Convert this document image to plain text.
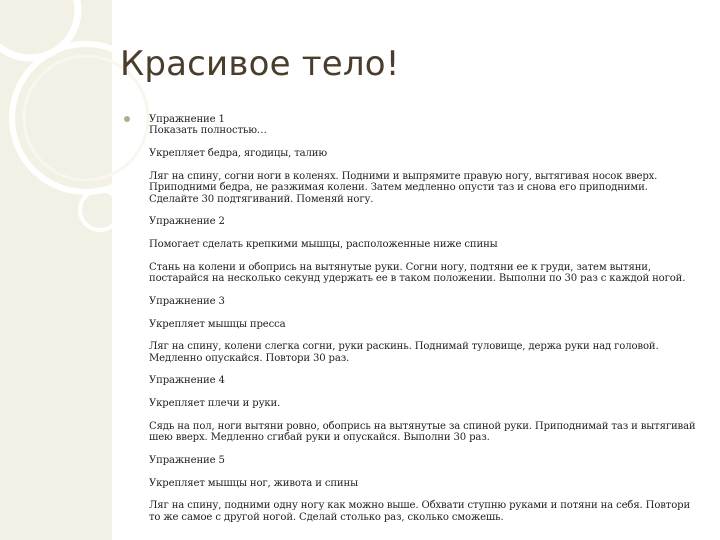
Красивое тело!

Упражнение 1

Показать полностью…

Укрепляет бедра, ягодицы, талию

Ляг на спину, согни ноги в коленях. Подними и выпрямите правую ногу, вытягивая носок вверх. Приподними бедра, не разжимая колени. Затем медленно опусти таз и снова его приподними. Сделайте 30 подтягиваний. Поменяй ногу.

Упражнение 2

Помогает сделать крепкими мышцы, расположенные ниже спины

Стань на колени и обопрись на вытянутые руки. Согни ногу, подтяни ее к груди, затем вытяни, постарайся на несколько секунд удержать ее в таком положении. Выполни по 30 раз с каждой ногой.

Упражнение 3

Укрепляет мышцы пресса

Ляг на спину, колени слегка согни, руки раскинь. Поднимай туловище, держа руки над головой. Медленно опускайся. Повтори 30 раз.

Упражнение 4

Укрепляет плечи и руки.

Сядь на пол, ноги вытяни ровно, обопрись на вытянутые за спиной руки. Приподнимай таз и вытягивай шею вверх. Медленно сгибай руки и опускайся. Выполни 30 раз.

Упражнение 5

Укрепляет мышцы ног, живота и спины

Ляг на спину, подними одну ногу как можно выше. Обхвати ступню руками и потяни на себя. Повтори то же самое с другой ногой. Сделай столько раз, сколько сможешь.
